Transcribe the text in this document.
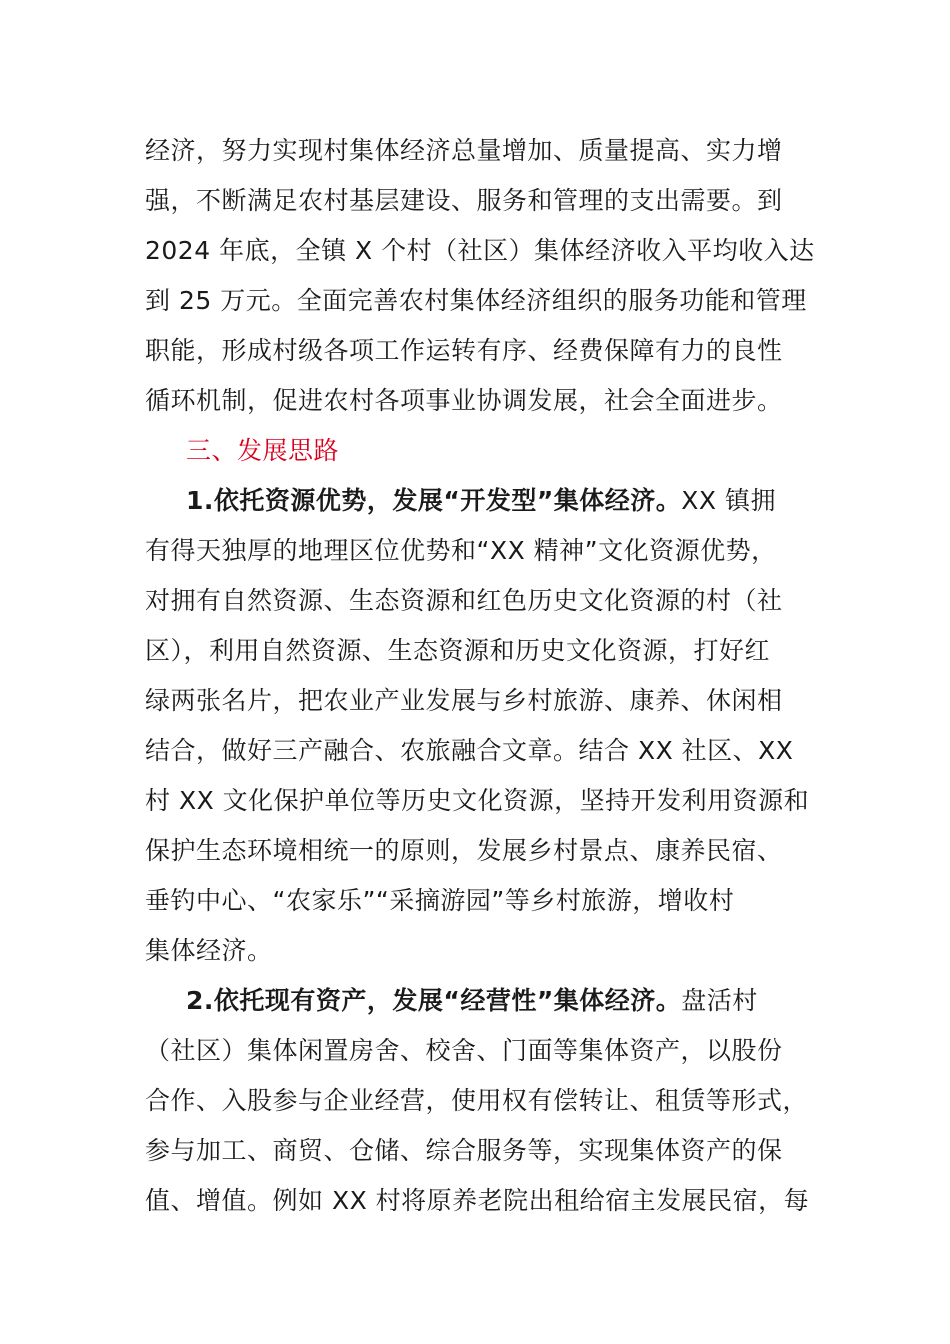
经济，努力实现村集体经济总量增加、质量提高、实力增
强，不断满足农村基层建设、服务和管理的支出需要。到
2024 年底，全镇 X 个村（社区）集体经济收入平均收入达
到 25 万元。全面完善农村集体经济组织的服务功能和管理
职能，形成村级各项工作运转有序、经费保障有力的良性
循环机制，促进农村各项事业协调发展，社会全面进步。
三、发展思路
1.依托资源优势，发展“开发型”集体经济。XX 镇拥
有得天独厚的地理区位优势和“XX 精神”文化资源优势，
对拥有自然资源、生态资源和红色历史文化资源的村（社
区），利用自然资源、生态资源和历史文化资源，打好红
绿两张名片，把农业产业发展与乡村旅游、康养、休闲相
结合，做好三产融合、农旅融合文章。结合 XX 社区、XX
村 XX 文化保护单位等历史文化资源，坚持开发利用资源和
保护生态环境相统一的原则，发展乡村景点、康养民宿、
垂钓中心、“农家乐”“采摘游园”等乡村旅游，增收村
集体经济。
2.依托现有资产，发展“经营性”集体经济。盘活村
（社区）集体闲置房舍、校舍、门面等集体资产，以股份
合作、入股参与企业经营，使用权有偿转让、租赁等形式，
参与加工、商贸、仓储、综合服务等，实现集体资产的保
值、增值。例如 XX 村将原养老院出租给宿主发展民宿，每
